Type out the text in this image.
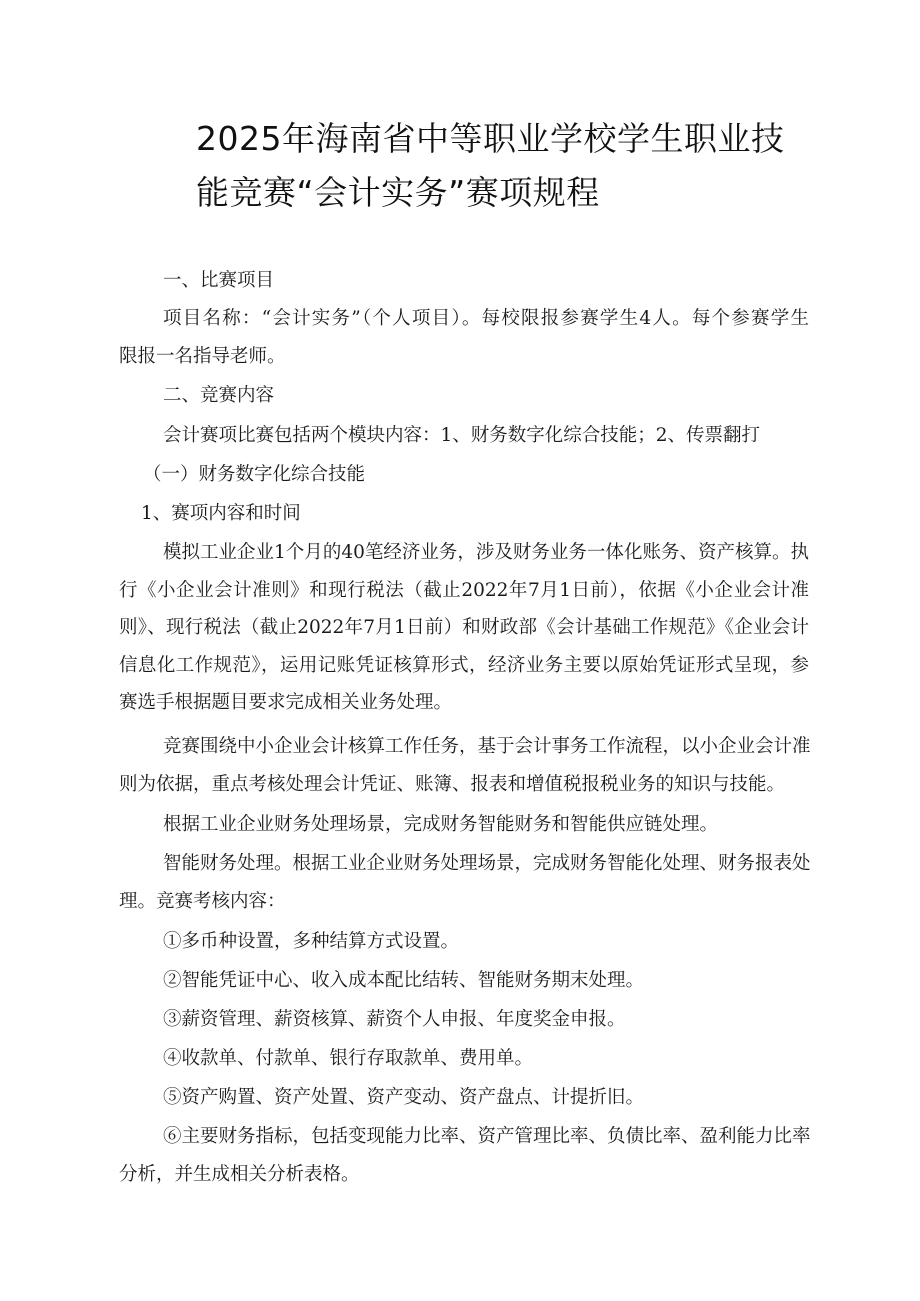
2025年海南省中等职业学校学生职业技
能竞赛“会计实务”赛项规程
一、比赛项目
项目名称：“会计实务”（个人项目）。每校限报参赛学生4人。每个参赛学生
限报一名指导老师。
二、竞赛内容
会计赛项比赛包括两个模块内容：1、财务数字化综合技能；2、传票翻打
（一）财务数字化综合技能
1、赛项内容和时间
模拟工业企业1个月的40笔经济业务，涉及财务业务一体化账务、资产核算。执
行《小企业会计准则》和现行税法（截止2022年7月1日前），依据《小企业会计准
则》、现行税法（截止2022年7月1日前）和财政部《会计基础工作规范》《企业会计
信息化工作规范》，运用记账凭证核算形式，经济业务主要以原始凭证形式呈现，参
赛选手根据题目要求完成相关业务处理。
竞赛围绕中小企业会计核算工作任务，基于会计事务工作流程，以小企业会计准
则为依据，重点考核处理会计凭证、账簿、报表和增值税报税业务的知识与技能。
根据工业企业财务处理场景，完成财务智能财务和智能供应链处理。
智能财务处理。根据工业企业财务处理场景，完成财务智能化处理、财务报表处
理。竞赛考核内容：
①多币种设置，多种结算方式设置。
②智能凭证中心、收入成本配比结转、智能财务期末处理。
③薪资管理、薪资核算、薪资个人申报、年度奖金申报。
④收款单、付款单、银行存取款单、费用单。
⑤资产购置、资产处置、资产变动、资产盘点、计提折旧。
⑥主要财务指标，包括变现能力比率、资产管理比率、负债比率、盈利能力比率
分析，并生成相关分析表格。
